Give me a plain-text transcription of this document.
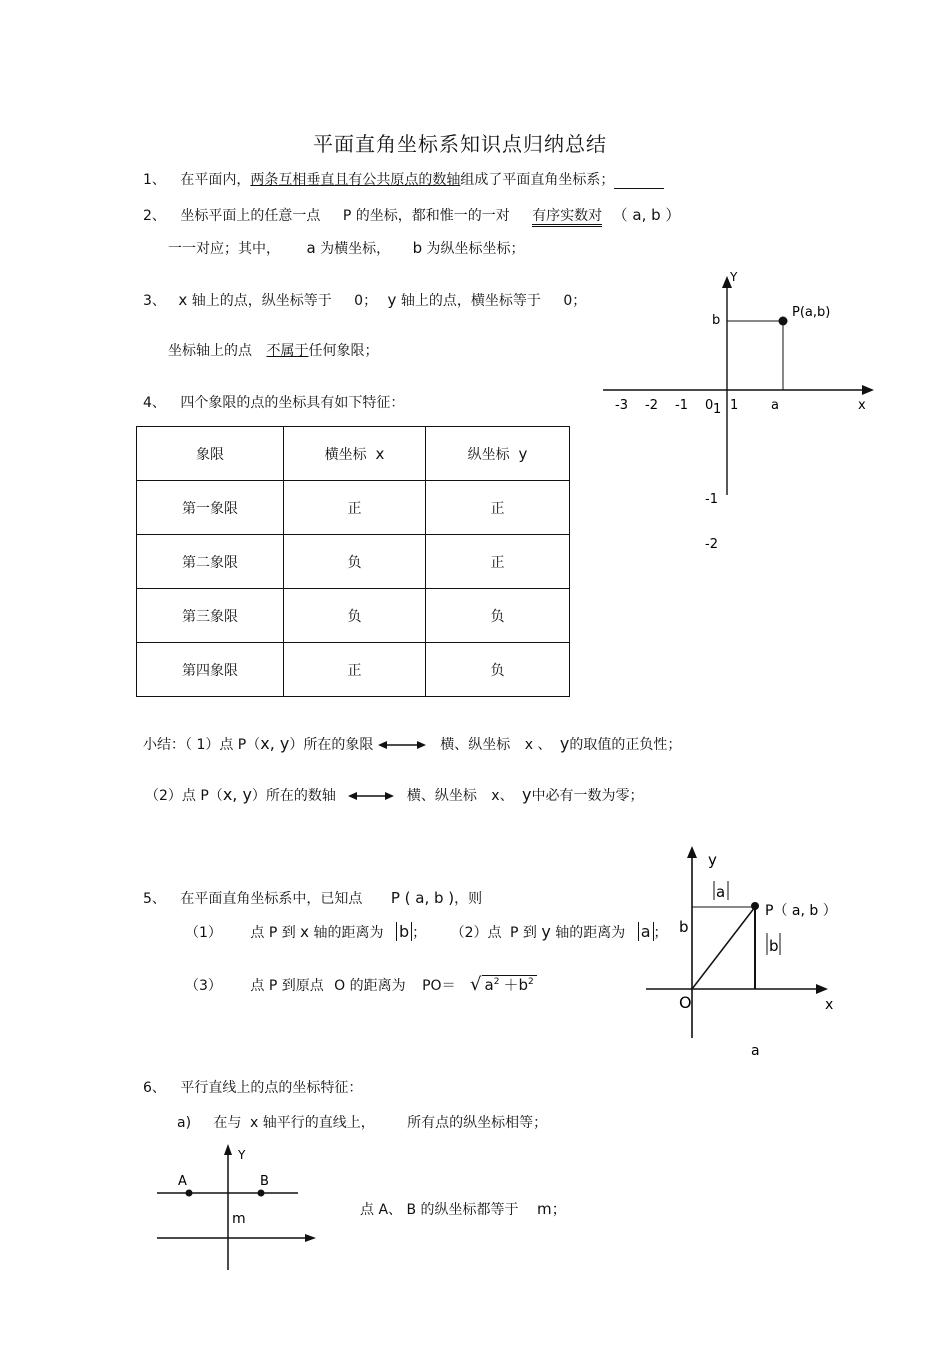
平面直角坐标系知识点归纳总结
1、 在平面内，两条互相垂直且有公共原点的数轴组成了平面直角坐标系；
2、 坐标平面上的任意一点 P 的坐标，都和惟一的一对 有序实数对 （ a, b ）
一一对应；其中， a 为横坐标， b 为纵坐标坐标；
3、 x 轴上的点，纵坐标等于 0； y 轴上的点，横坐标等于 0；
坐标轴上的点 不属于任何象限；
4、 四个象限的点的坐标具有如下特征：
象限	横坐标 x	纵坐标 y
第一象限	正	正
第二象限	负	正
第三象限	负	负
第四象限	正	负
Y
P(a,b)
b
-3 -2 -1 0 1
1	a	x
-1
-2
小结：（ 1）点 P（x, y）所在的象限	横、纵坐标 x 、 y的取值的正负性；
（2）点 P（x, y）所在的数轴	横、纵坐标 x、 y中必有一数为零；
5、 在平面直角坐标系中，已知点 P ( a, b )，则
（1） 点 P 到 x 轴的距离为 b ； （2）点 P 到 y 轴的距离为 a ；
（3） 点 P 到原点 O 的距离为 PO＝ √ $a^2 +b^2$
y
a
P（ a, b ）
b
b
O	x
a
6、 平行直线上的点的坐标特征：
a) 在与 x 轴平行的直线上， 所有点的纵坐标相等；
Y
A	B
m
点 A、 B 的纵坐标都等于 m；
